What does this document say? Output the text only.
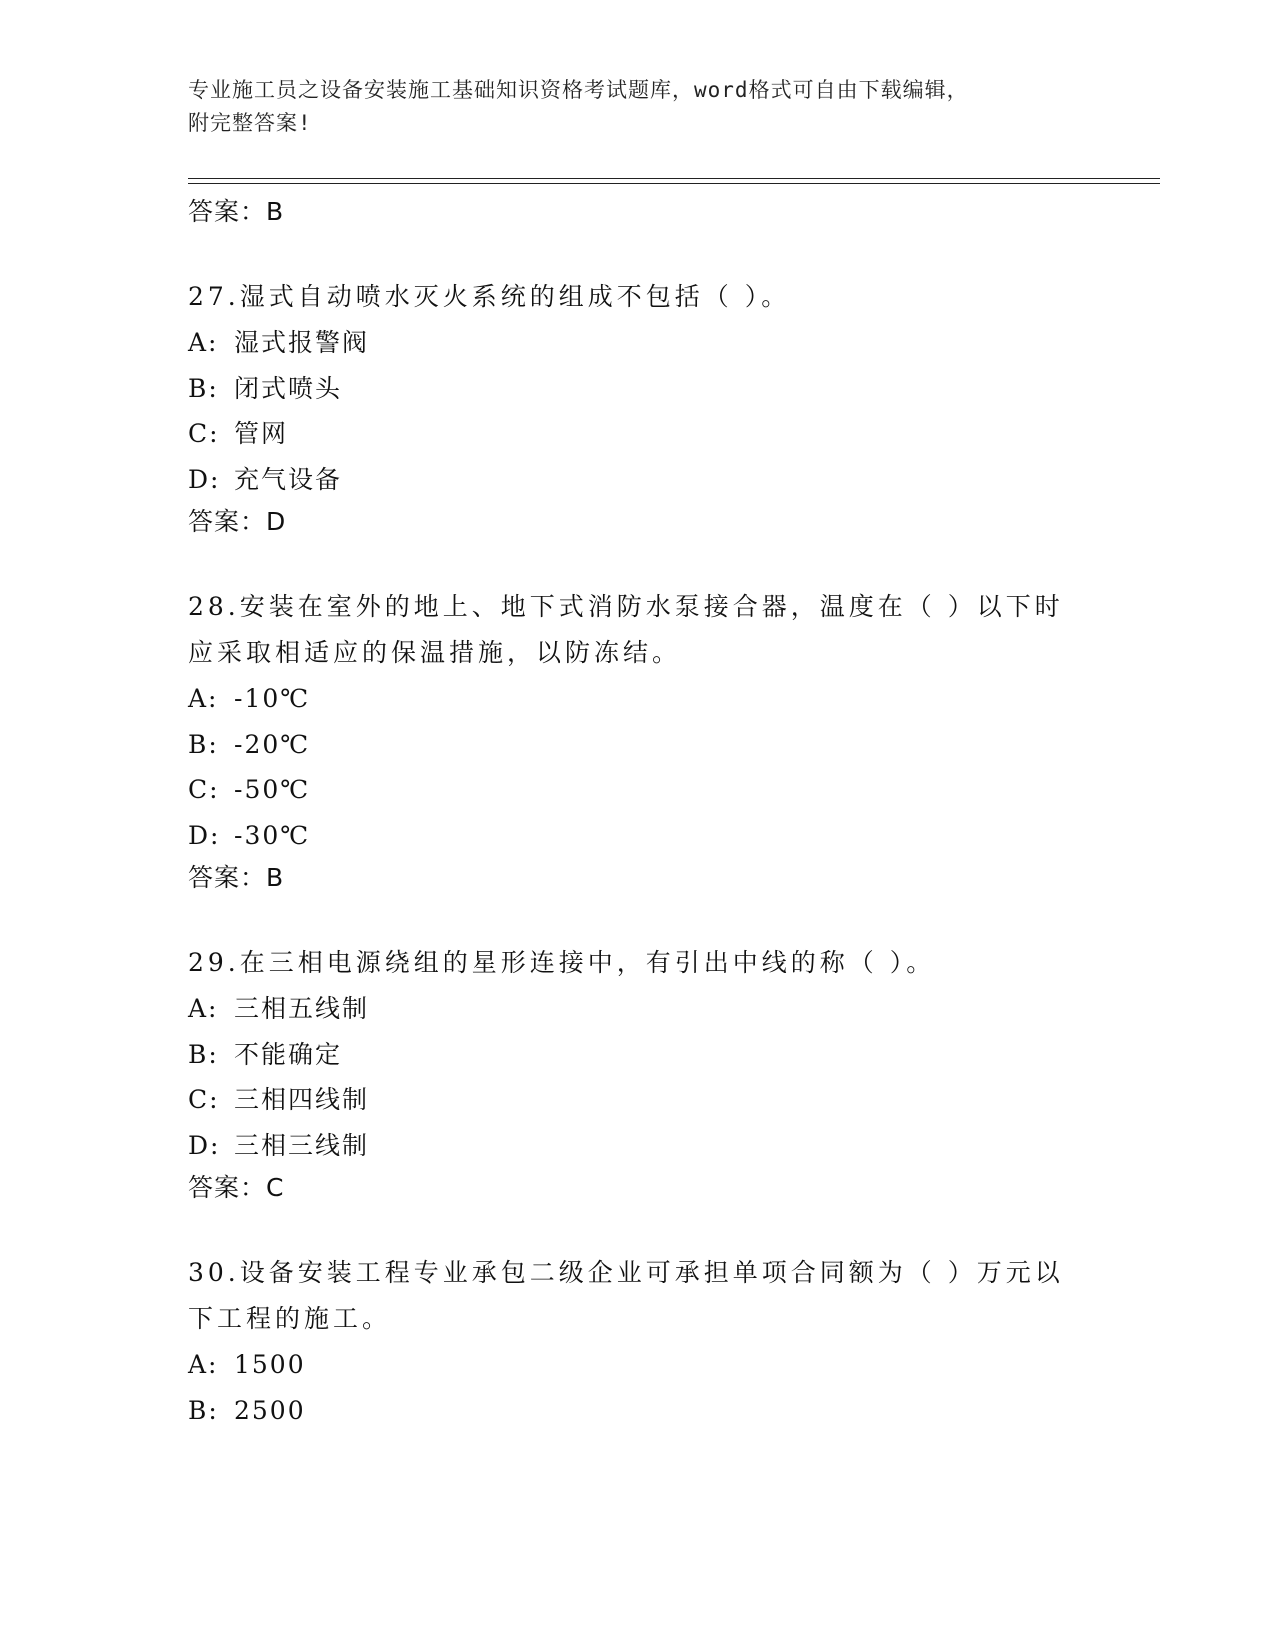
专业施工员之设备安装施工基础知识资格考试题库，word格式可自由下载编辑，
附完整答案!
答案：B
27.湿式自动喷水灭火系统的组成不包括（ ）。
A: 湿式报警阀
B: 闭式喷头
C: 管网
D: 充气设备
答案：D
28.安装在室外的地上、地下式消防水泵接合器，温度在（ ）以下时应采取相适应的保温措施，以防冻结。
A: -10℃
B: -20℃
C: -50℃
D: -30℃
答案：B
29.在三相电源绕组的星形连接中，有引出中线的称（ ）。
A: 三相五线制
B: 不能确定
C: 三相四线制
D: 三相三线制
答案：C
30.设备安装工程专业承包二级企业可承担单项合同额为（ ）万元以下工程的施工。
A: 1500
B: 2500
